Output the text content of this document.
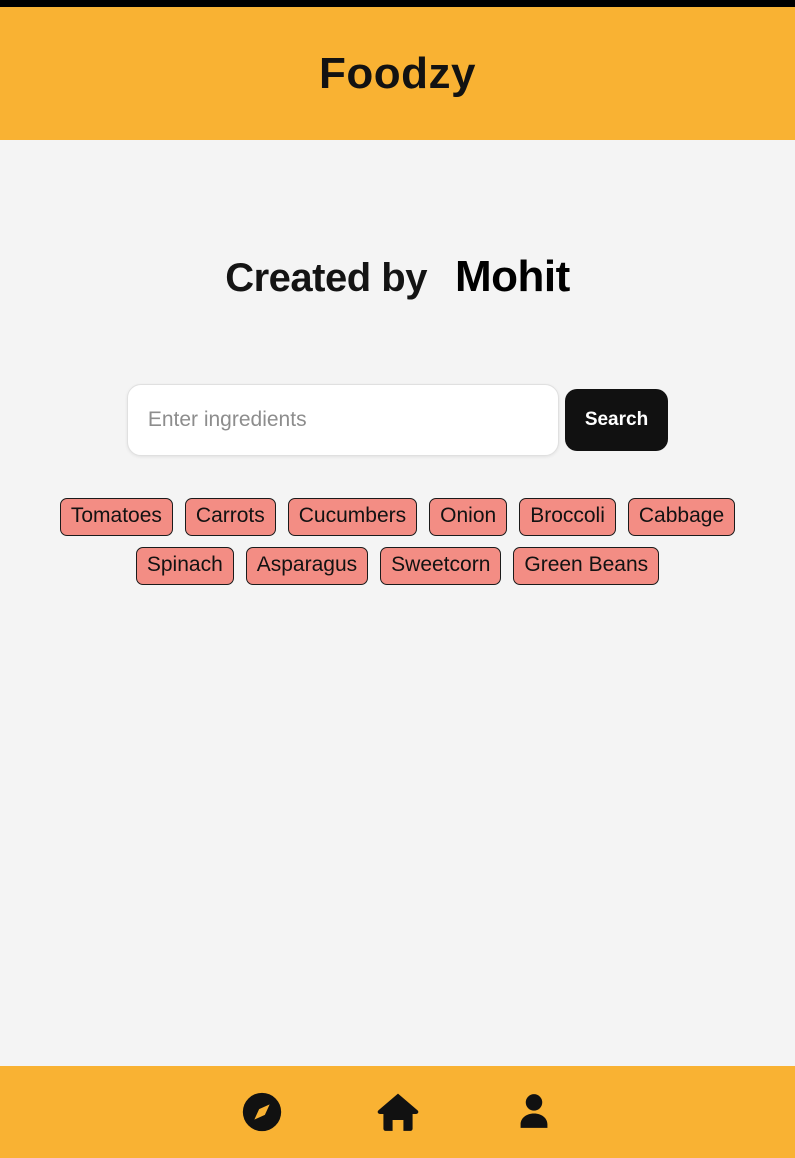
Foodzy
Created by Mohit
Enter ingredients
Search
Tomatoes	Carrots	Cucumbers	Onion	Broccoli	Cabbage
Spinach	Asparagus	Sweetcorn	Green Beans
